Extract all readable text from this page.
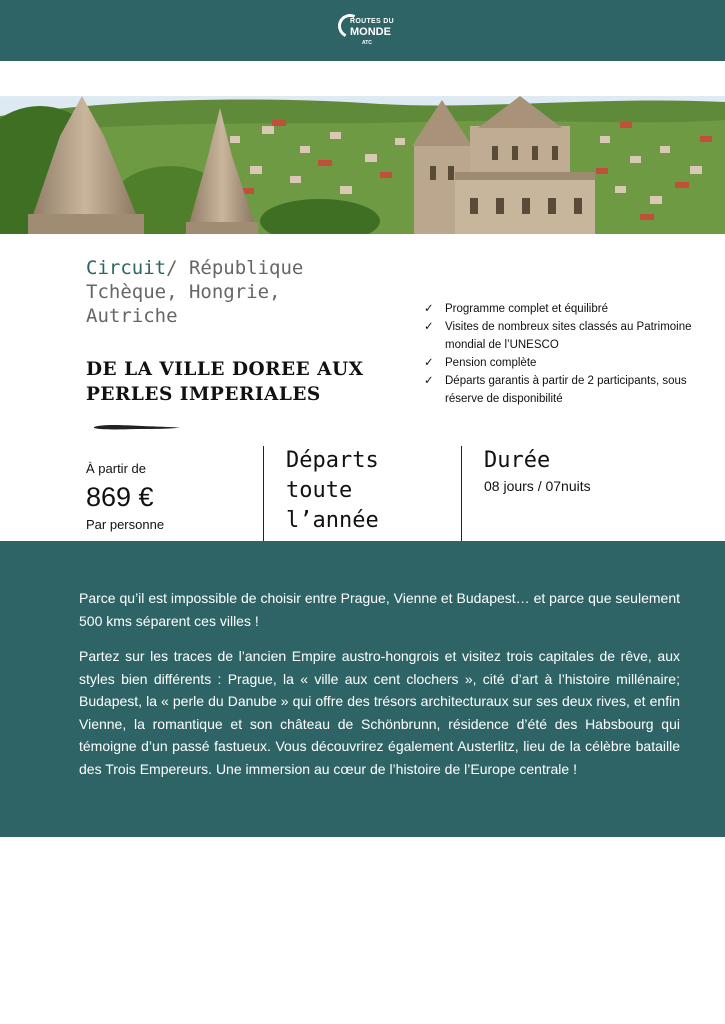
ROUTES DU
MONDE
ATC
Circuit/ République Tchèque, Hongrie, Autriche
DE LA VILLE DOREE AUX
PERLES IMPERIALES
✓ Programme complet et équilibré
✓ Visites de nombreux sites classés au Patrimoine mondial de l’UNESCO
✓ Pension complète
✓ Départs garantis à partir de 2 participants, sous réserve de disponibilité
À partir de
869 €
Par personne
Départs
toute
l’année
Durée
08 jours / 07nuits

Parce qu’il est impossible de choisir entre Prague, Vienne et Budapest… et parce que seulement 500 kms séparent ces villes !

Partez sur les traces de l’ancien Empire austro-hongrois et visitez trois capitales de rêve, aux styles bien différents : Prague, la « ville aux cent clochers », cité d’art à l’histoire millénaire; Budapest, la « perle du Danube » qui offre des trésors architecturaux sur ses deux rives, et enfin Vienne, la romantique et son château de Schönbrunn, résidence d’été des Habsbourg qui témoigne d’un passé fastueux. Vous découvrirez également Austerlitz, lieu de la célèbre bataille des Trois Empereurs. Une immersion au cœur de l’histoire de l’Europe centrale !
